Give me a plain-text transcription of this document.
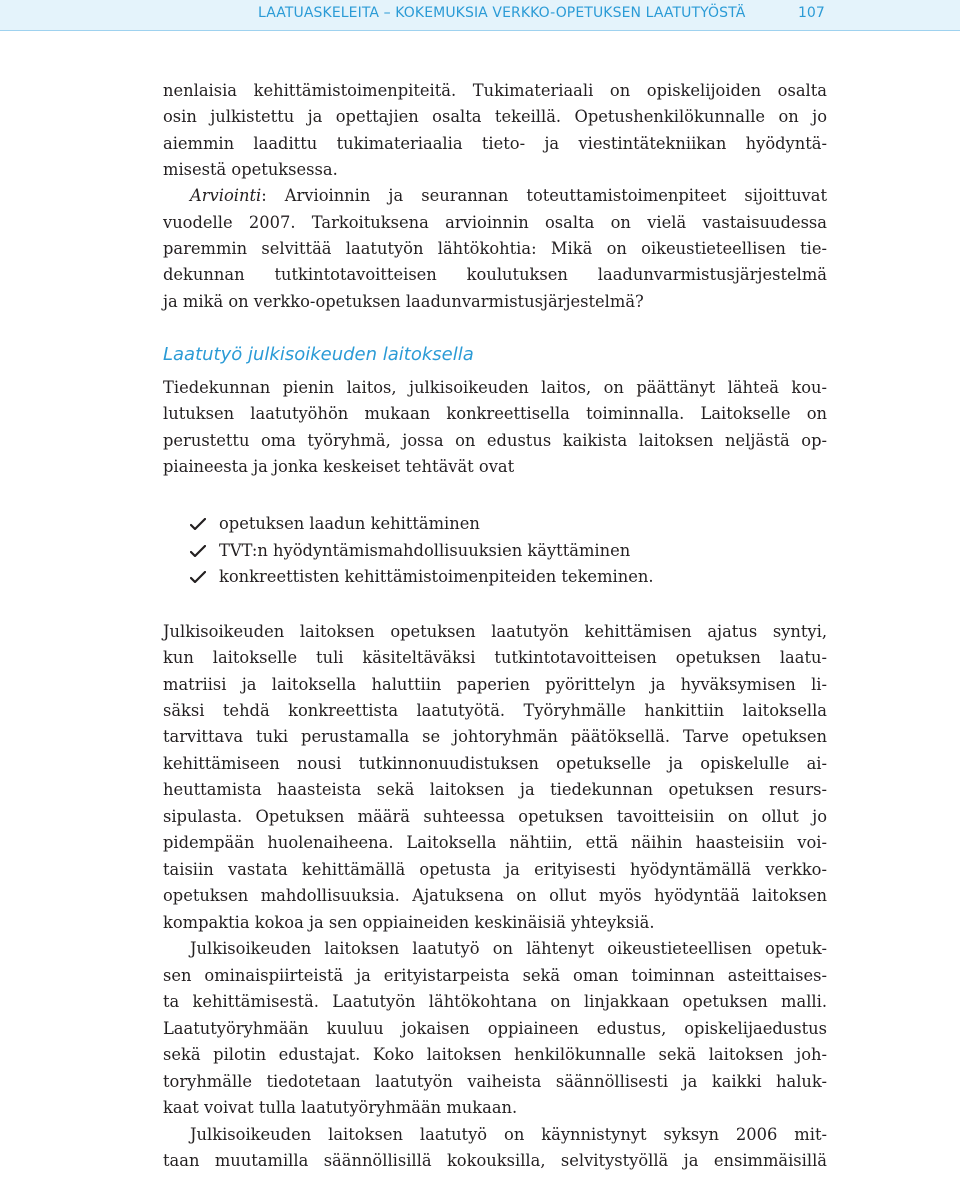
LAATUASKELEITA – KOKEMUKSIA VERKKO-OPETUKSEN LAATUTYÖSTÄ	107
nenlaisia kehittämistoimenpiteitä. Tukimateriaali on opiskelijoiden osalta
osin julkistettu ja opettajien osalta tekeillä. Opetushenkilökunnalle on jo
aiemmin laadittu tukimateriaalia tieto- ja viestintätekniikan hyödyntä-
misestä opetuksessa.
Arviointi: Arvioinnin ja seurannan toteuttamistoimenpiteet sijoittuvat
vuodelle 2007. Tarkoituksena arvioinnin osalta on vielä vastaisuudessa
paremmin selvittää laatutyön lähtökohtia: Mikä on oikeustieteellisen tie-
dekunnan tutkintotavoitteisen koulutuksen laadunvarmistusjärjestelmä
ja mikä on verkko-opetuksen laadunvarmistusjärjestelmä?
Laatutyö julkisoikeuden laitoksella
Tiedekunnan pienin laitos, julkisoikeuden laitos, on päättänyt lähteä kou-
lutuksen laatutyöhön mukaan konkreettisella toiminnalla. Laitokselle on
perustettu oma työryhmä, jossa on edustus kaikista laitoksen neljästä op-
piaineesta ja jonka keskeiset tehtävät ovat
opetuksen laadun kehittäminen
TVT:n hyödyntämismahdollisuuksien käyttäminen
konkreettisten kehittämistoimenpiteiden tekeminen.
Julkisoikeuden laitoksen opetuksen laatutyön kehittämisen ajatus syntyi,
kun laitokselle tuli käsiteltäväksi tutkintotavoitteisen opetuksen laatu-
matriisi ja laitoksella haluttiin paperien pyörittelyn ja hyväksymisen li-
säksi tehdä konkreettista laatutyötä. Työryhmälle hankittiin laitoksella
tarvittava tuki perustamalla se johtoryhmän päätöksellä. Tarve opetuksen
kehittämiseen nousi tutkinnonuudistuksen opetukselle ja opiskelulle ai-
heuttamista haasteista sekä laitoksen ja tiedekunnan opetuksen resurs-
sipulasta. Opetuksen määrä suhteessa opetuksen tavoitteisiin on ollut jo
pidempään huolenaiheena. Laitoksella nähtiin, että näihin haasteisiin voi-
taisiin vastata kehittämällä opetusta ja erityisesti hyödyntämällä verkko-
opetuksen mahdollisuuksia. Ajatuksena on ollut myös hyödyntää laitoksen
kompaktia kokoa ja sen oppiaineiden keskinäisiä yhteyksiä.
Julkisoikeuden laitoksen laatutyö on lähtenyt oikeustieteellisen opetuk-
sen ominaispiirteistä ja erityistarpeista sekä oman toiminnan asteittaises-
ta kehittämisestä. Laatutyön lähtökohtana on linjakkaan opetuksen malli.
Laatutyöryhmään kuuluu jokaisen oppiaineen edustus, opiskelijaedustus
sekä pilotin edustajat. Koko laitoksen henkilökunnalle sekä laitoksen joh-
toryhmälle tiedotetaan laatutyön vaiheista säännöllisesti ja kaikki haluk-
kaat voivat tulla laatutyöryhmään mukaan.
Julkisoikeuden laitoksen laatutyö on käynnistynyt syksyn 2006 mit-
taan muutamilla säännöllisillä kokouksilla, selvitystyöllä ja ensimmäisillä
